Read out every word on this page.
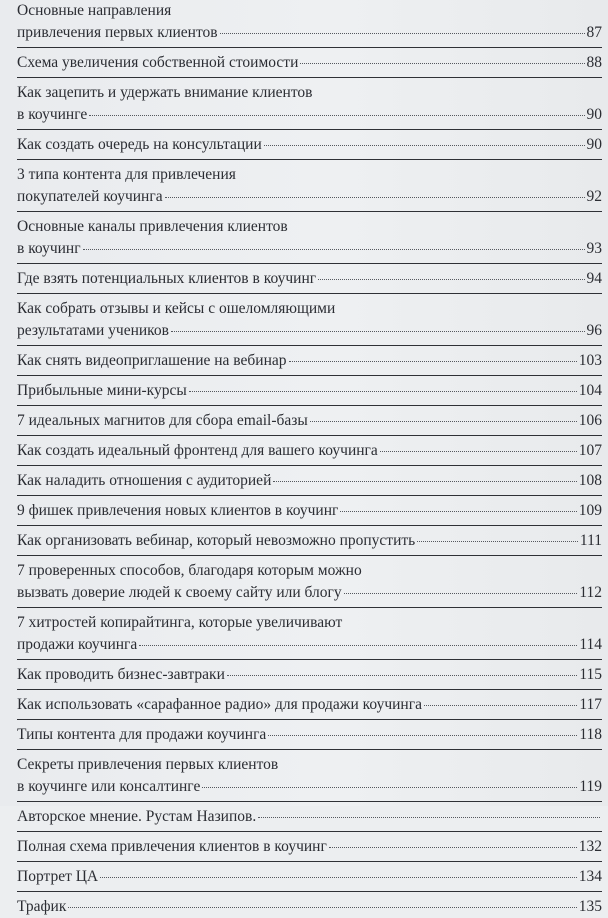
Основные направления
привлечения первых клиентов	87
Схема увеличения собственной стоимости	88
Как зацепить и удержать внимание клиентов
в коучинге	90
Как создать очередь на консультации	90
3 типа контента для привлечения
покупателей коучинга	92
Основные каналы привлечения клиентов
в коучинг	93
Где взять потенциальных клиентов в коучинг	94
Как собрать отзывы и кейсы с ошеломляющими
результатами учеников	96
Как снять видеоприглашение на вебинар	103
Прибыльные мини-курсы	104
7 идеальных магнитов для сбора email-базы	106
Как создать идеальный фронтенд для вашего коучинга	107
Как наладить отношения с аудиторией	108
9 фишек привлечения новых клиентов в коучинг	109
Как организовать вебинар, который невозможно пропустить	111
7 проверенных способов, благодаря которым можно
вызвать доверие людей к своему сайту или блогу	112
7 хитростей копирайтинга, которые увеличивают
продажи коучинга	114
Как проводить бизнес-завтраки	115
Как использовать «сарафанное радио» для продажи коучинга	117
Типы контента для продажи коучинга	118
Секреты привлечения первых клиентов
в коучинге или консалтинге	119
Авторское мнение. Рустам Назипов.
Полная схема привлечения клиентов в коучинг	132
Портрет ЦА	134
Трафик	135
